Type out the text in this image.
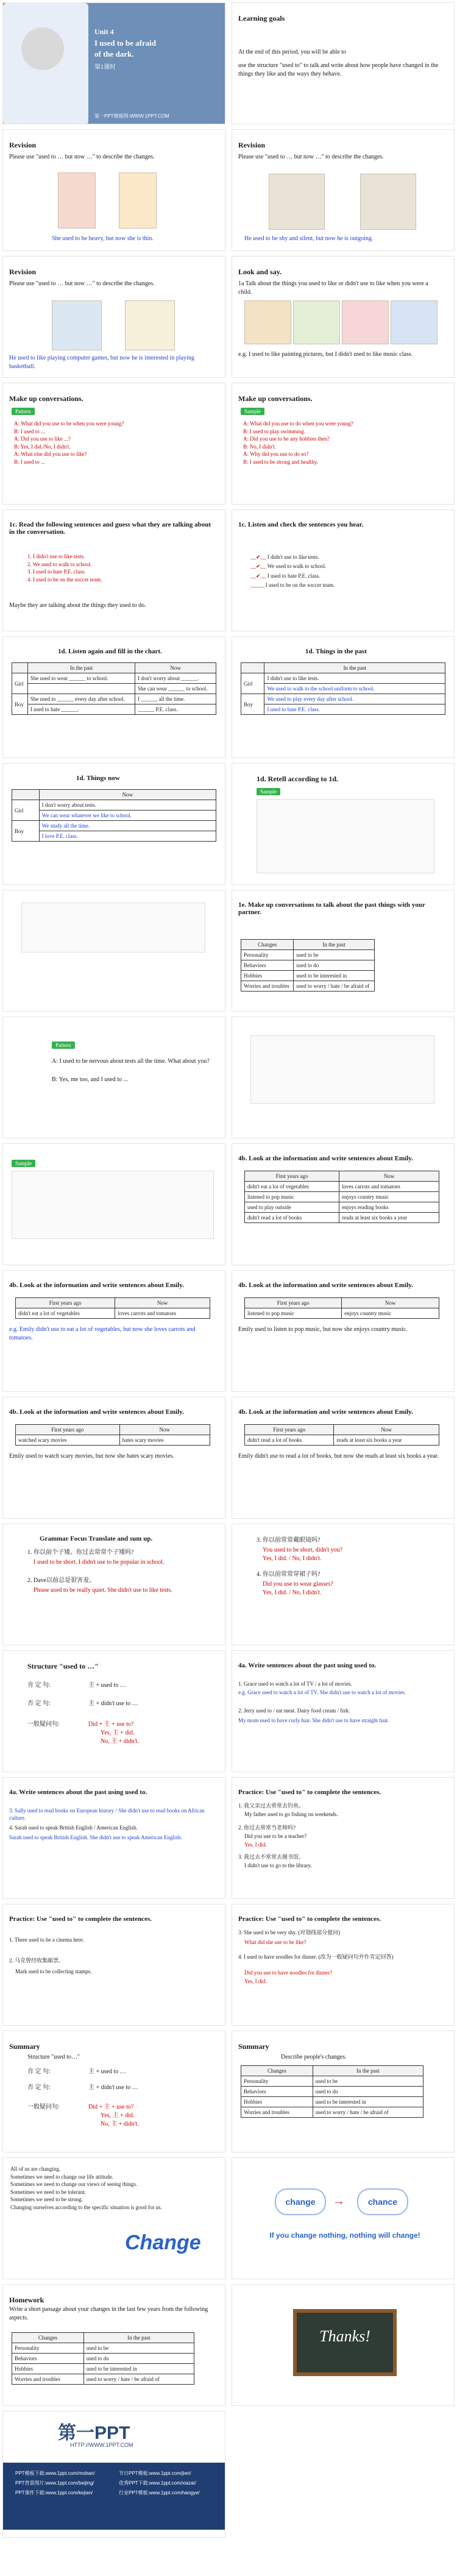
Unit 4
I used to be afraid
of the dark.
第1课时
第一PPT模板网-WWW.1PPT.COM
Learning goals
At the end of this period, you will be able to
use the structure "used to" to talk and write about how people have changed in the things they like and the ways they behave.
Revision
Please use "used to … but now …" to describe the changes.
She used to be heavy, but now she is thin.
Revision
Please use "used to … but now …" to describe the changes.
He used to be shy and silent, but now he is outgoing.
Revision
Please use "used to … but now …" to describe the changes.
He used to like playing computer games, but now he is interested in playing basketball.
Look and say.
1a Talk about the things you used to like or didn't use to like when you were a child.
e.g. I used to like painting pictures, but I didn't used to like music class.
Make up conversations.
Pattern
A: What did you use to be when you were young?
B: I used to ...
A: Did you use to like ...?
B: Yes, I did./No, I didn't.
A: What else did you use to like?
B: I used to ...
Make up conversations.
Sample
A: What did you use to do when you were young?
B: I used to play swimming.
A: Did you use to be any hobbies then?
B: No, I didn't.
A: Why did you use to do so?
B: I used to be strong and healthy.
1c. Read the following sentences and guess what they are talking about in the conversation.
1. I didn't use to like tests.
2. We used to walk to school.
3. I used to hate P.E. class.
4. I used to be on the soccer team.
Maybe they are talking about the things they used to do.
1c. Listen and check the sentences you hear.
__✔__ I didn't use to like tests.
__✔__ We used to walk to school.
__✔__ I used to hate P.E. class.
_____ I used to be on the soccer team.
1d. Listen again and fill in the chart.
	In the past	Now
Girl	She used to wear ______ to school.	I don't worry about ______.
		She can wear ______ to school.
Boy	She used to ______ every day after school.	I ______ all the time.
	I used to hate ______.	______ P.E. class.
1d. Things in the past
	In the past
Girl	I didn't use to like tests.
	We used to walk to the school uniform to school.
Boy	We used to play every day after school.
	I used to hate P.E. class.
1d. Things now
	Now
Girl	I don't worry about tests.
	We can wear whatever we like to school.
Boy	We study all the time.
	I love P.E. class.
1d. Retell according to 1d.
Sample
1e. Make up conversations to talk about the past things with your partner.
Changes	In the past
Personality	used to be
Behaviors	used to do
Hobbies	used to be interested in
Worries and troubles	used to worry / hate / be afraid of
Pattern
A: I used to be nervous about tests all the time. What about you?
B: Yes, me too, and I used to ...
Sample
4b. Look at the information and write sentences about Emily.
First years ago	Now
didn't eat a lot of vegetables	loves carrots and tomatoes
listened to pop music	enjoys country music
used to play outside	enjoys reading books
didn't read a lot of books	reads at least six books a year
4b. Look at the information and write sentences about Emily.
First years ago	Now
didn't eat a lot of vegetables	loves carrots and tomatoes
e.g. Emily didn't use to eat a lot of vegetables, but now she loves carrots and tomatoes.
4b. Look at the information and write sentences about Emily.
First years ago	Now
listened to pop music	enjoys country music
Emily used to listen to pop music, but now she enjoys country music.
4b. Look at the information and write sentences about Emily.
First years ago	Now
watched scary movies	hates scary movies
Emily used to watch scary movies, but now she hates scary movies.
4b. Look at the information and write sentences about Emily.
First years ago	Now
didn't read a lot of books	reads at least six books a year
Emily didn't use to read a lot of books, but now she reads at least six books a year.
Grammar Focus Translate and sum up.
1. 你以前个子矮。你过去常常个子矮吗?
I used to be short. I didn't use to be popular in school.
2. Dave以前总是很害羞。
Please used to be really quiet. She didn't use to like tests.
3. 你以前常常戴眼镜吗?
You used to be short, didn't you?
Yes, I did. / No, I didn't.
4. 你以前常常穿裙子吗?
Did you use to wear glasses?
Yes, I did. / No, I didn't.
Structure "used to …"
肯 定 句:	主 + used to …
否 定 句:	主 + didn't use to …
一般疑问句:	Did + 主 + use to?
Yes, 主 + did.
No, 主 + didn't.
4a. Write sentences about the past using used to.
1. Grace used to watch a lot of TV / a lot of movies.
e.g. Grace used to watch a lot of TV. She didn't use to watch a lot of movies.
2. Jerry used to / eat meat. Dairy food cream / fish.
My mom used to have curly hair. She didn't use to have straight hair.
4a. Write sentences about the past using used to.
3. Sally used to read books on European history / She didn't use to read books on African culture.
4. Sarah used to speak British English / American English.
Sarah used to speak British English. She didn't use to speak American English.
Practice: Use "used to" to complete the sentences.
1. 我父亲过去常常去钓鱼。
My father used to go fishing on weekends.
2. 你过去常常当老师吗?
Did you use to be a teacher?
Yes, I did.
3. 我过去不常常去图书馆。
I didn't use to go to the library.
Practice: Use "used to" to complete the sentences.
1. There used to be a cinema here.
2. 马克曾经收集邮票。
Mark used to be collecting stamps.
Practice: Use "used to" to complete the sentences.
3. She used to be very shy. (对划线部分提问)
What did she use to be like?
4. I used to have noodles for dinner. (改为一般疑问句并作肯定回答)
Did you use to have noodles for dinner?
Yes, I did.
Summary
Structure "used to…"
肯 定 句:	主 + used to …
否 定 句:	主 + didn't use to …
一般疑问句:	Did + 主 + use to?
Yes, 主 + did.
No, 主 + didn't.
Summary
Describe people's changes.
Changes	In the past
Personality	used to be
Behaviors	used to do
Hobbies	used to be interested in
Worries and troubles	used to worry / hate / be afraid of
All of us are changing.
Sometimes we need to change our life attitude.
Sometimes we need to change our views of seeing things.
Sometimes we need to be tolerant.
Sometimes we need to be strong.
Changing ourselves according to the specific situation is good for us.
Change
change	→	chance
If you change nothing, nothing will change!
Homework
Write a short passage about your changes in the last few years from the following aspects.
Changes	In the past
Personality	used to be
Behaviors	used to do
Hobbies	used to be interested in
Worries and troubles	used to worry / hate / be afraid of
Thanks!
第一PPT
HTTP://WWW.1PPT.COM
PPT模板下载:www.1ppt.com/moban/	节日PPT模板:www.1ppt.com/jieri/
PPT背景图片:www.1ppt.com/beijing/	优秀PPT下载:www.1ppt.com/xiazai/
PPT课件下载:www.1ppt.com/kejian/	行业PPT模板:www.1ppt.com/hangye/
